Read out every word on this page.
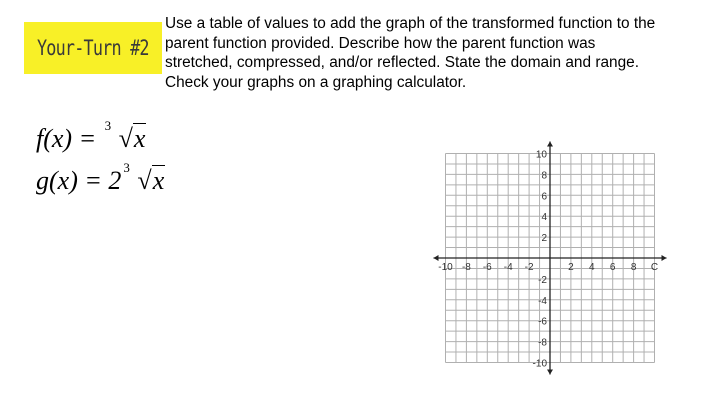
Your-Turn #2

Use a table of values to add the graph of the transformed function to the parent function provided. Describe how the parent function was stretched, compressed, and/or reflected. State the domain and range. Check your graphs on a graphing calculator.

f(x) = 3 √x
g(x) = 2 3 √x
-10 -8 -6 -4 -2	2 4 6 8 C
10
8
6
4
2
-2
-4
-6
-8
-10
